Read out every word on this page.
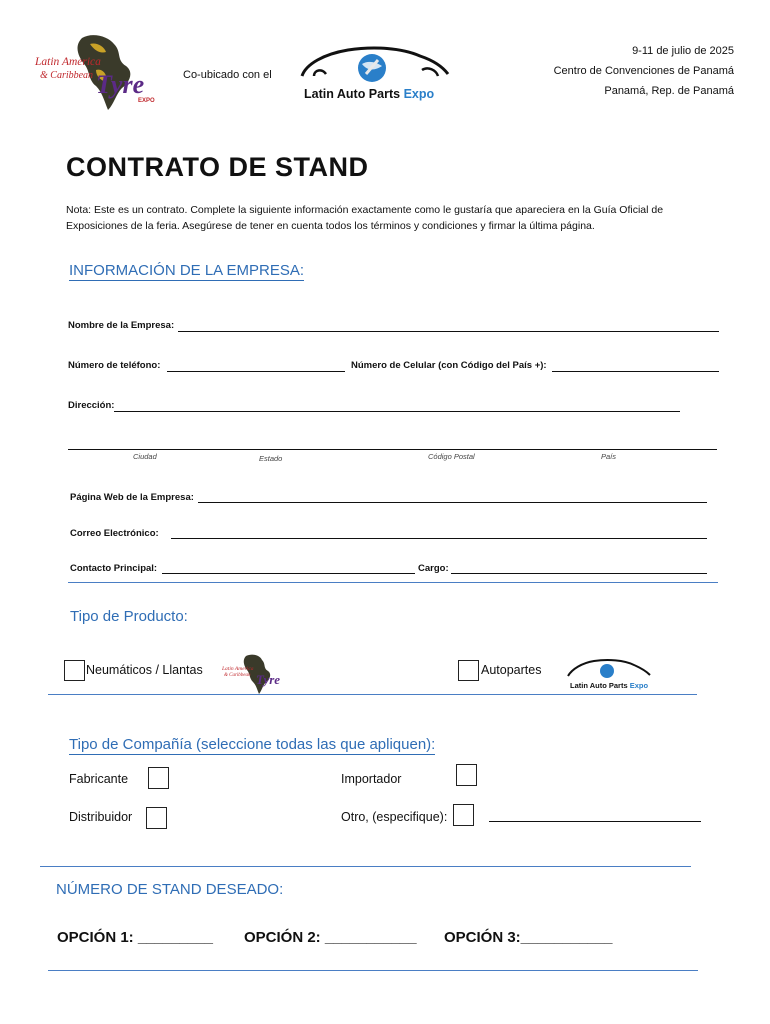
Latin America
& Caribbean Tyre
EXPO
Co-ubicado con el
Latin Auto Parts Expo
9-11 de julio de 2025
Centro de Convenciones de Panamá
Panamá, Rep. de Panamá
CONTRATO DE STAND
Nota: Este es un contrato. Complete la siguiente información exactamente como le gustaría que apareciera en la Guía Oficial de Exposiciones de la feria. Asegúrese de tener en cuenta todos los términos y condiciones y firmar la última página.
INFORMACIÓN DE LA EMPRESA:
Nombre de la Empresa:
Número de teléfono:	Número de Celular (con Código del País +):
Dirección:
Ciudad	Estado	Código Postal	País
Página Web de la Empresa:
Correo Electrónico:
Contacto Principal:	Cargo:
Tipo de Producto:
Neumáticos / Llantas
Tyre
Latin America
& Caribbean	Autopartes
Latin Auto Parts Expo
Tipo de Compañía (seleccione todas las que apliquen):
Fabricante	Importador
Distribuidor	Otro, (especifique):
NÚMERO DE STAND DESEADO:
OPCIÓN 1: _________ OPCIÓN 2: ___________ OPCIÓN 3:___________
